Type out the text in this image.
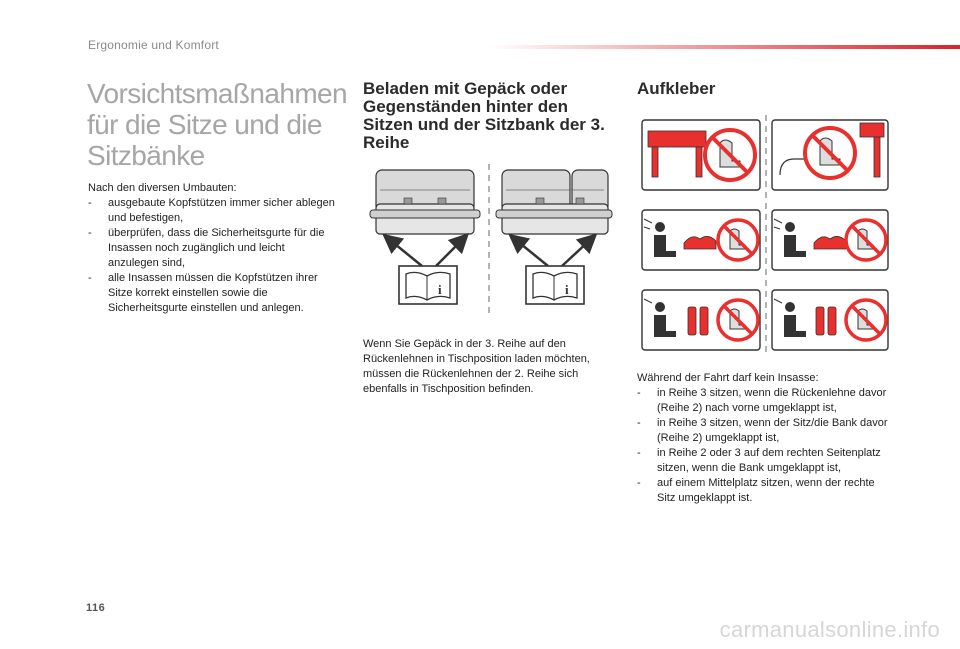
Ergonomie und Komfort
Vorsichtsmaßnahmen für die Sitze und die Sitzbänke

Nach den diversen Umbauten:

- ausgebaute Kopfstützen immer sicher ablegen und befestigen,
- überprüfen, dass die Sicherheitsgurte für die Insassen noch zugänglich und leicht anzulegen sind,
- alle Insassen müssen die Kopfstützen ihrer Sitze korrekt einstellen sowie die Sicherheitsgurte einstellen und anlegen.
Beladen mit Gepäck oder Gegenständen hinter den Sitzen und der Sitzbank der 3. Reihe
i	i

Wenn Sie Gepäck in der 3. Reihe auf den Rückenlehnen in Tischposition laden möchten, müssen die Rückenlehnen der 2. Reihe sich ebenfalls in Tischposition befinden.

Aufkleber

Während der Fahrt darf kein Insasse:

- in Reihe 3 sitzen, wenn die Rückenlehne davor (Reihe 2) nach vorne umgeklappt ist,
- in Reihe 3 sitzen, wenn der Sitz/die Bank davor (Reihe 2) umgeklappt ist,
- in Reihe 2 oder 3 auf dem rechten Seitenplatz sitzen, wenn die Bank umgeklappt ist,
- auf einem Mittelplatz sitzen, wenn der rechte Sitz umgeklappt ist.
116
carmanualsonline.info
